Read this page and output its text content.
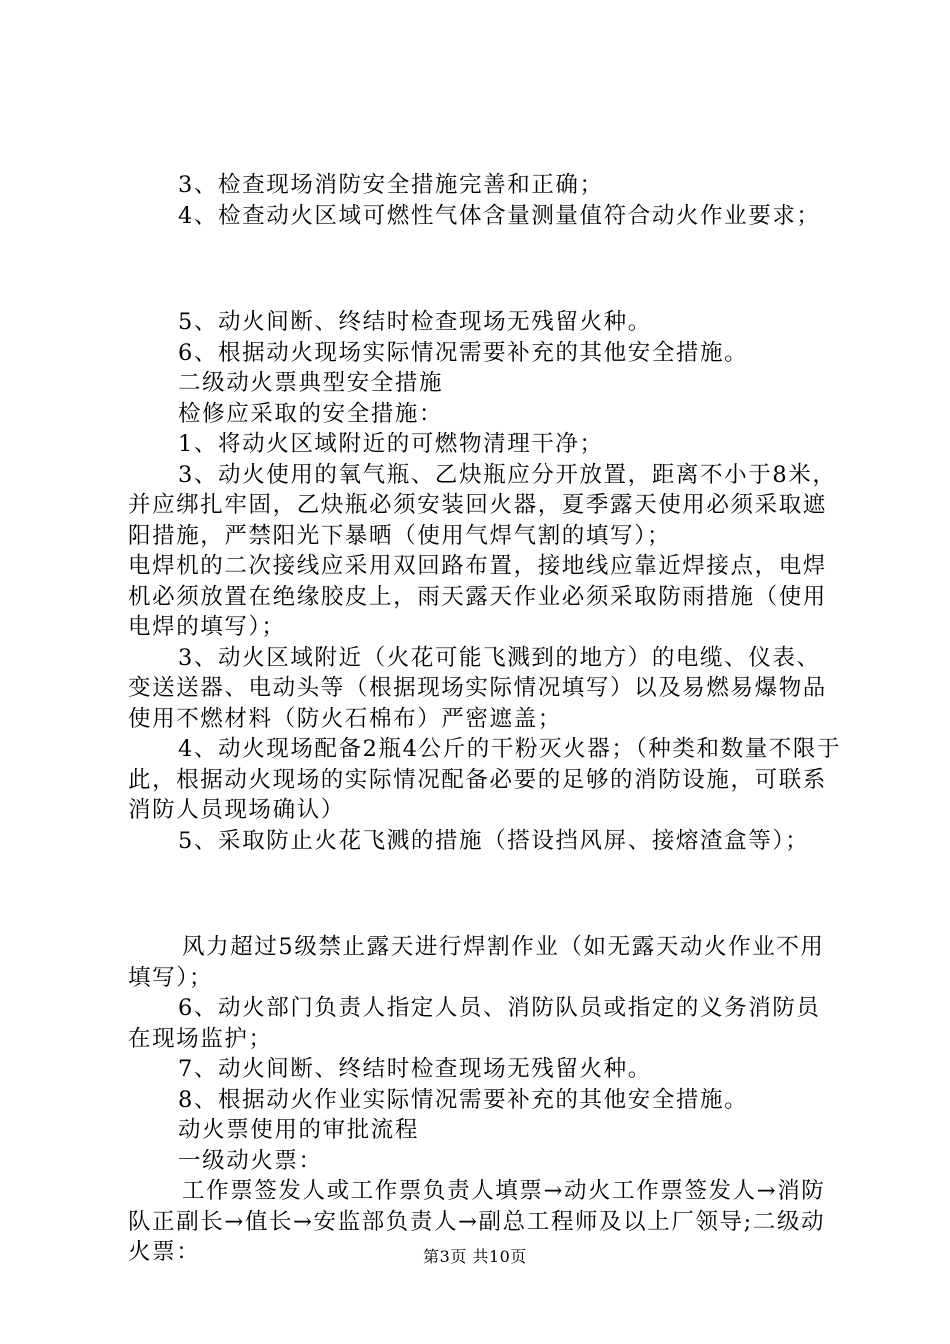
3、检查现场消防安全措施完善和正确；

4、检查动火区域可燃性气体含量测量值符合动火作业要求；

5、动火间断、终结时检查现场无残留火种。

6、根据动火现场实际情况需要补充的其他安全措施。

二级动火票典型安全措施

检修应采取的安全措施：

1、将动火区域附近的可燃物清理干净；

3、动火使用的氧气瓶、乙炔瓶应分开放置，距离不小于8米，并应绑扎牢固，乙炔瓶必须安装回火器，夏季露天使用必须采取遮阳措施，严禁阳光下暴晒（使用气焊气割的填写）；

电焊机的二次接线应采用双回路布置，接地线应靠近焊接点，电焊机必须放置在绝缘胶皮上，雨天露天作业必须采取防雨措施（使用电焊的填写）；

3、动火区域附近（火花可能飞溅到的地方）的电缆、仪表、变送送器、电动头等（根据现场实际情况填写）以及易燃易爆物品使用不燃材料（防火石棉布）严密遮盖；

4、动火现场配备2瓶4公斤的干粉灭火器；（种类和数量不限于此，根据动火现场的实际情况配备必要的足够的消防设施，可联系消防人员现场确认）

5、采取防止火花飞溅的措施（搭设挡风屏、接熔渣盒等）；

风力超过5级禁止露天进行焊割作业（如无露天动火作业不用填写）；

6、动火部门负责人指定人员、消防队员或指定的义务消防员在现场监护；

7、动火间断、终结时检查现场无残留火种。

8、根据动火作业实际情况需要补充的其他安全措施。

动火票使用的审批流程

一级动火票：

工作票签发人或工作票负责人填票→动火工作票签发人→消防队正副长→值长→安监部负责人→副总工程师及以上厂领导;二级动火票：	第3页 共10页
